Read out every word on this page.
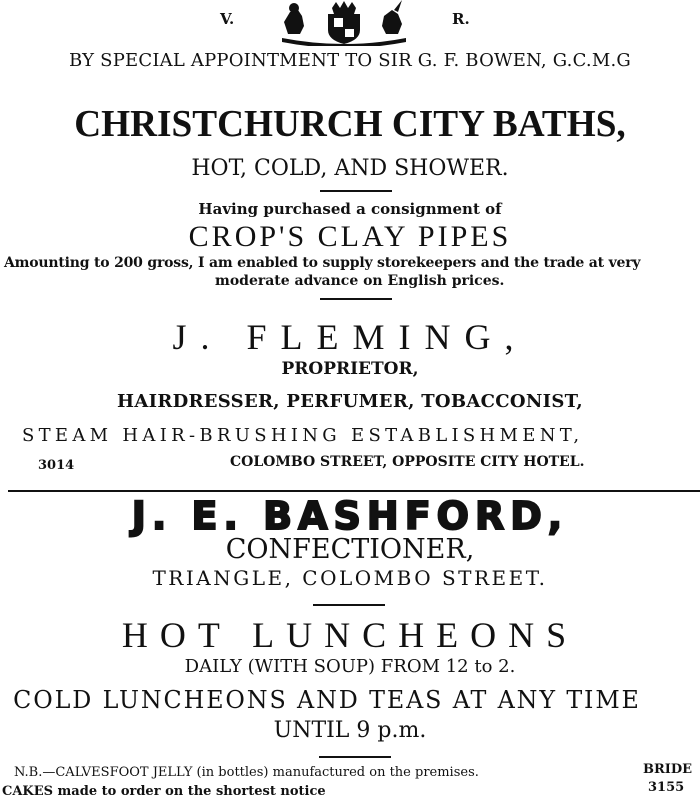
V.	R.
BY SPECIAL APPOINTMENT TO SIR G. F. BOWEN, G.C.M.G
CHRISTCHURCH CITY BATHS,
HOT, COLD, AND SHOWER.
Having purchased a consignment of
CROP'S CLAY PIPES
Amounting to 200 gross, I am enabled to supply storekeepers and the trade at very
moderate advance on English prices.
J. FLEMING,
PROPRIETOR,
HAIRDRESSER, PERFUMER, TOBACCONIST,
STEAM HAIR-BRUSHING ESTABLISHMENT,
3014	COLOMBO STREET, OPPOSITE CITY HOTEL.
J. E. BASHFORD,
CONFECTIONER,
TRIANGLE, COLOMBO STREET.
HOT LUNCHEONS
DAILY (WITH SOUP) FROM 12 to 2.
COLD LUNCHEONS AND TEAS AT ANY TIME
UNTIL 9 p.m.
N.B.—CALVESFOOT JELLY (in bottles) manufactured on the premises.	BRIDE
CAKES made to order on the shortest notice	3155
